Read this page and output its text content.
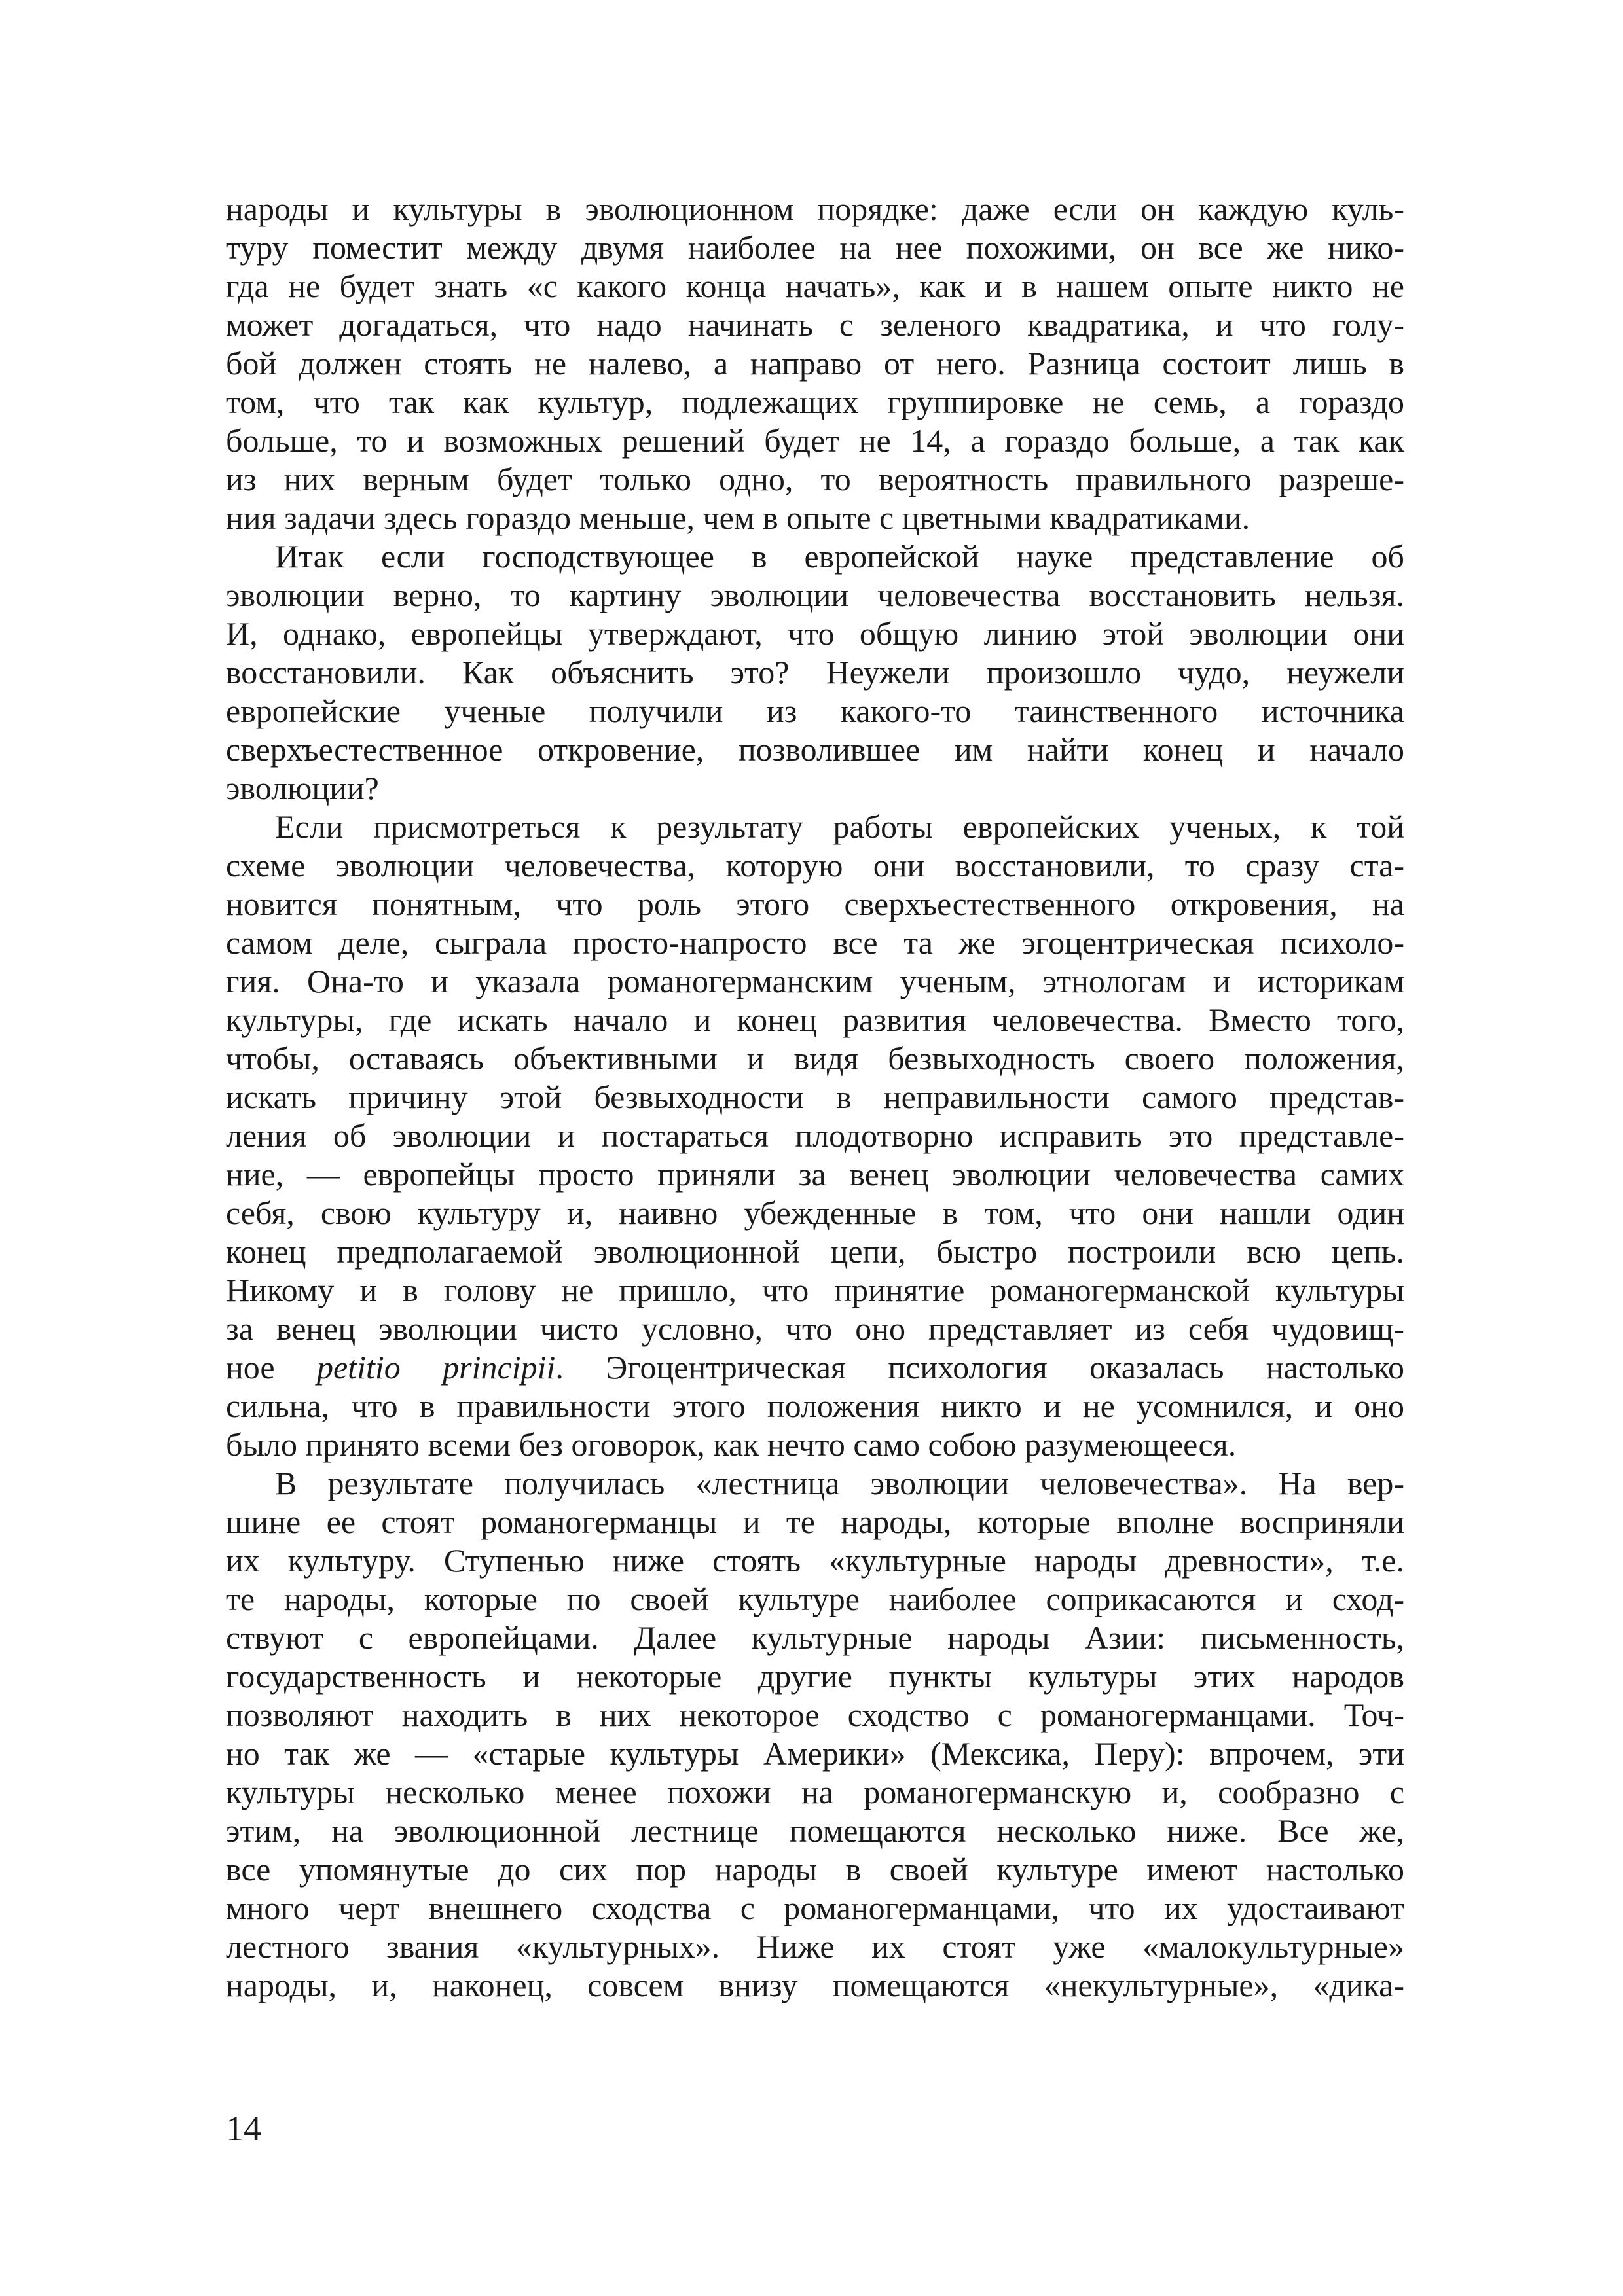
народы и культуры в эволюционном порядке: даже если он каждую куль-
туру поместит между двумя наиболее на нее похожими, он все же нико-
гда не будет знать «с какого конца начать», как и в нашем опыте никто не
может догадаться, что надо начинать с зеленого квадратика, и что голу-
бой должен стоять не налево, а направо от него. Разница состоит лишь в
том, что так как культур, подлежащих группировке не семь, а гораздо
больше, то и возможных решений будет не 14, а гораздо больше, а так как
из них верным будет только одно, то вероятность правильного разреше-
ния задачи здесь гораздо меньше, чем в опыте с цветными квадратиками.
Итак если господствующее в европейской науке представление об
эволюции верно, то картину эволюции человечества восстановить нельзя.
И, однако, европейцы утверждают, что общую линию этой эволюции они
восстановили. Как объяснить это? Неужели произошло чудо, неужели
европейские ученые получили из какого-то таинственного источника
сверхъестественное откровение, позволившее им найти конец и начало
эволюции?
Если присмотреться к результату работы европейских ученых, к той
схеме эволюции человечества, которую они восстановили, то сразу ста-
новится понятным, что роль этого сверхъестественного откровения, на
самом деле, сыграла просто-напросто все та же эгоцентрическая психоло-
гия. Она-то и указала романогерманским ученым, этнологам и историкам
культуры, где искать начало и конец развития человечества. Вместо того,
чтобы, оставаясь объективными и видя безвыходность своего положения,
искать причину этой безвыходности в неправильности самого представ-
ления об эволюции и постараться плодотворно исправить это представле-
ние, — европейцы просто приняли за венец эволюции человечества самих
себя, свою культуру и, наивно убежденные в том, что они нашли один
конец предполагаемой эволюционной цепи, быстро построили всю цепь.
Никому и в голову не пришло, что принятие романогерманской культуры
за венец эволюции чисто условно, что оно представляет из себя чудовищ-
ное petitio principii. Эгоцентрическая психология оказалась настолько
сильна, что в правильности этого положения никто и не усомнился, и оно
было принято всеми без оговорок, как нечто само собою разумеющееся.
В результате получилась «лестница эволюции человечества». На вер-
шине ее стоят романогерманцы и те народы, которые вполне восприняли
их культуру. Ступенью ниже стоять «культурные народы древности», т.е.
те народы, которые по своей культуре наиболее соприкасаются и сход-
ствуют с европейцами. Далее культурные народы Азии: письменность,
государственность и некоторые другие пункты культуры этих народов
позволяют находить в них некоторое сходство с романогерманцами. Точ-
но так же — «старые культуры Америки» (Мексика, Перу): впрочем, эти
культуры несколько менее похожи на романогерманскую и, сообразно с
этим, на эволюционной лестнице помещаются несколько ниже. Все же,
все упомянутые до сих пор народы в своей культуре имеют настолько
много черт внешнего сходства с романогерманцами, что их удостаивают
лестного звания «культурных». Ниже их стоят уже «малокультурные»
народы, и, наконец, совсем внизу помещаются «некультурные», «дика-
14
